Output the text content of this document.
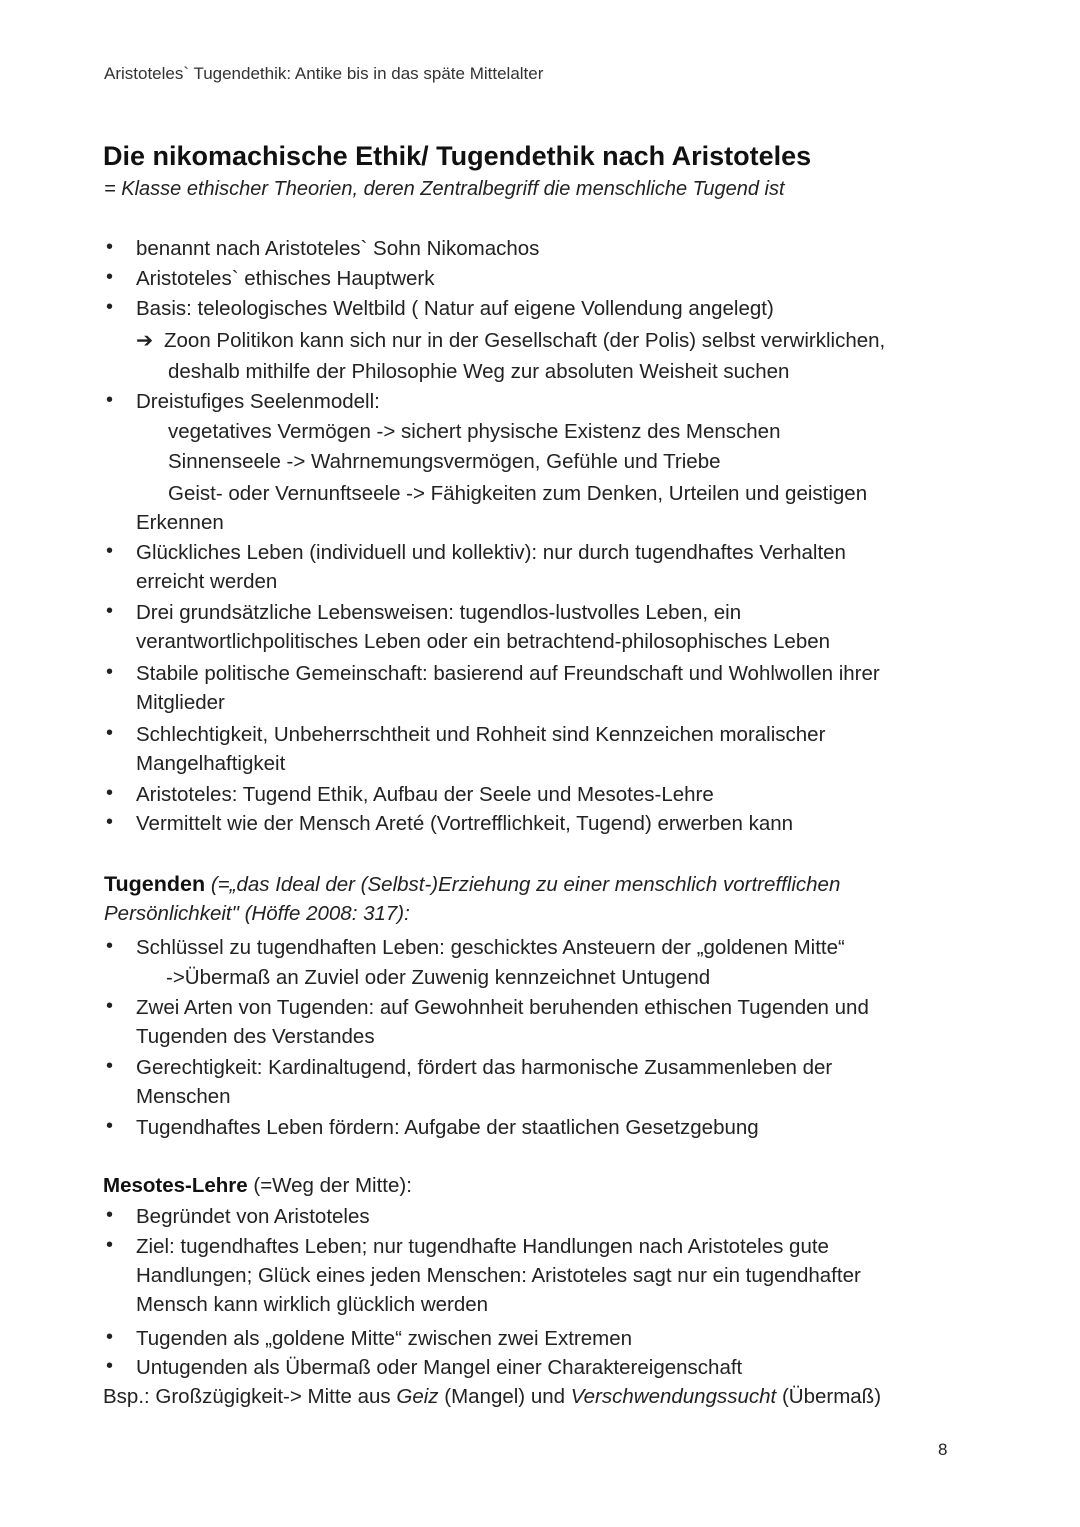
Aristoteles` Tugendethik: Antike bis in das späte Mittelalter
Die nikomachische Ethik/ Tugendethik nach Aristoteles
= Klasse ethischer Theorien, deren Zentralbegriff die menschliche Tugend ist
• benannt nach Aristoteles` Sohn Nikomachos
• Aristoteles` ethisches Hauptwerk
• Basis: teleologisches Weltbild ( Natur auf eigene Vollendung angelegt)
➔ Zoon Politikon kann sich nur in der Gesellschaft (der Polis) selbst verwirklichen,
deshalb mithilfe der Philosophie Weg zur absoluten Weisheit suchen
• Dreistufiges Seelenmodell:
vegetatives Vermögen -> sichert physische Existenz des Menschen
Sinnenseele -> Wahrnemungsvermögen, Gefühle und Triebe
Geist- oder Vernunftseele -> Fähigkeiten zum Denken, Urteilen und geistigen
Erkennen
• Glückliches Leben (individuell und kollektiv): nur durch tugendhaftes Verhalten
erreicht werden
• Drei grundsätzliche Lebensweisen: tugendlos-lustvolles Leben, ein
verantwortlichpolitisches Leben oder ein betrachtend-philosophisches Leben
• Stabile politische Gemeinschaft: basierend auf Freundschaft und Wohlwollen ihrer
Mitglieder
• Schlechtigkeit, Unbeherrschtheit und Rohheit sind Kennzeichen moralischer
Mangelhaftigkeit
• Aristoteles: Tugend Ethik, Aufbau der Seele und Mesotes-Lehre
• Vermittelt wie der Mensch Areté (Vortrefflichkeit, Tugend) erwerben kann
Tugenden (=„das Ideal der (Selbst-)Erziehung zu einer menschlich vortrefflichen
Persönlichkeit" (Höffe 2008: 317):
• Schlüssel zu tugendhaften Leben: geschicktes Ansteuern der „goldenen Mitte“
->Übermaß an Zuviel oder Zuwenig kennzeichnet Untugend
• Zwei Arten von Tugenden: auf Gewohnheit beruhenden ethischen Tugenden und
Tugenden des Verstandes
• Gerechtigkeit: Kardinaltugend, fördert das harmonische Zusammenleben der
Menschen
• Tugendhaftes Leben fördern: Aufgabe der staatlichen Gesetzgebung
Mesotes-Lehre (=Weg der Mitte):
• Begründet von Aristoteles
• Ziel: tugendhaftes Leben; nur tugendhafte Handlungen nach Aristoteles gute
Handlungen; Glück eines jeden Menschen: Aristoteles sagt nur ein tugendhafter
Mensch kann wirklich glücklich werden
• Tugenden als „goldene Mitte“ zwischen zwei Extremen
• Untugenden als Übermaß oder Mangel einer Charaktereigenschaft
Bsp.: Großzügigkeit-> Mitte aus Geiz (Mangel) und Verschwendungssucht (Übermaß)
8
